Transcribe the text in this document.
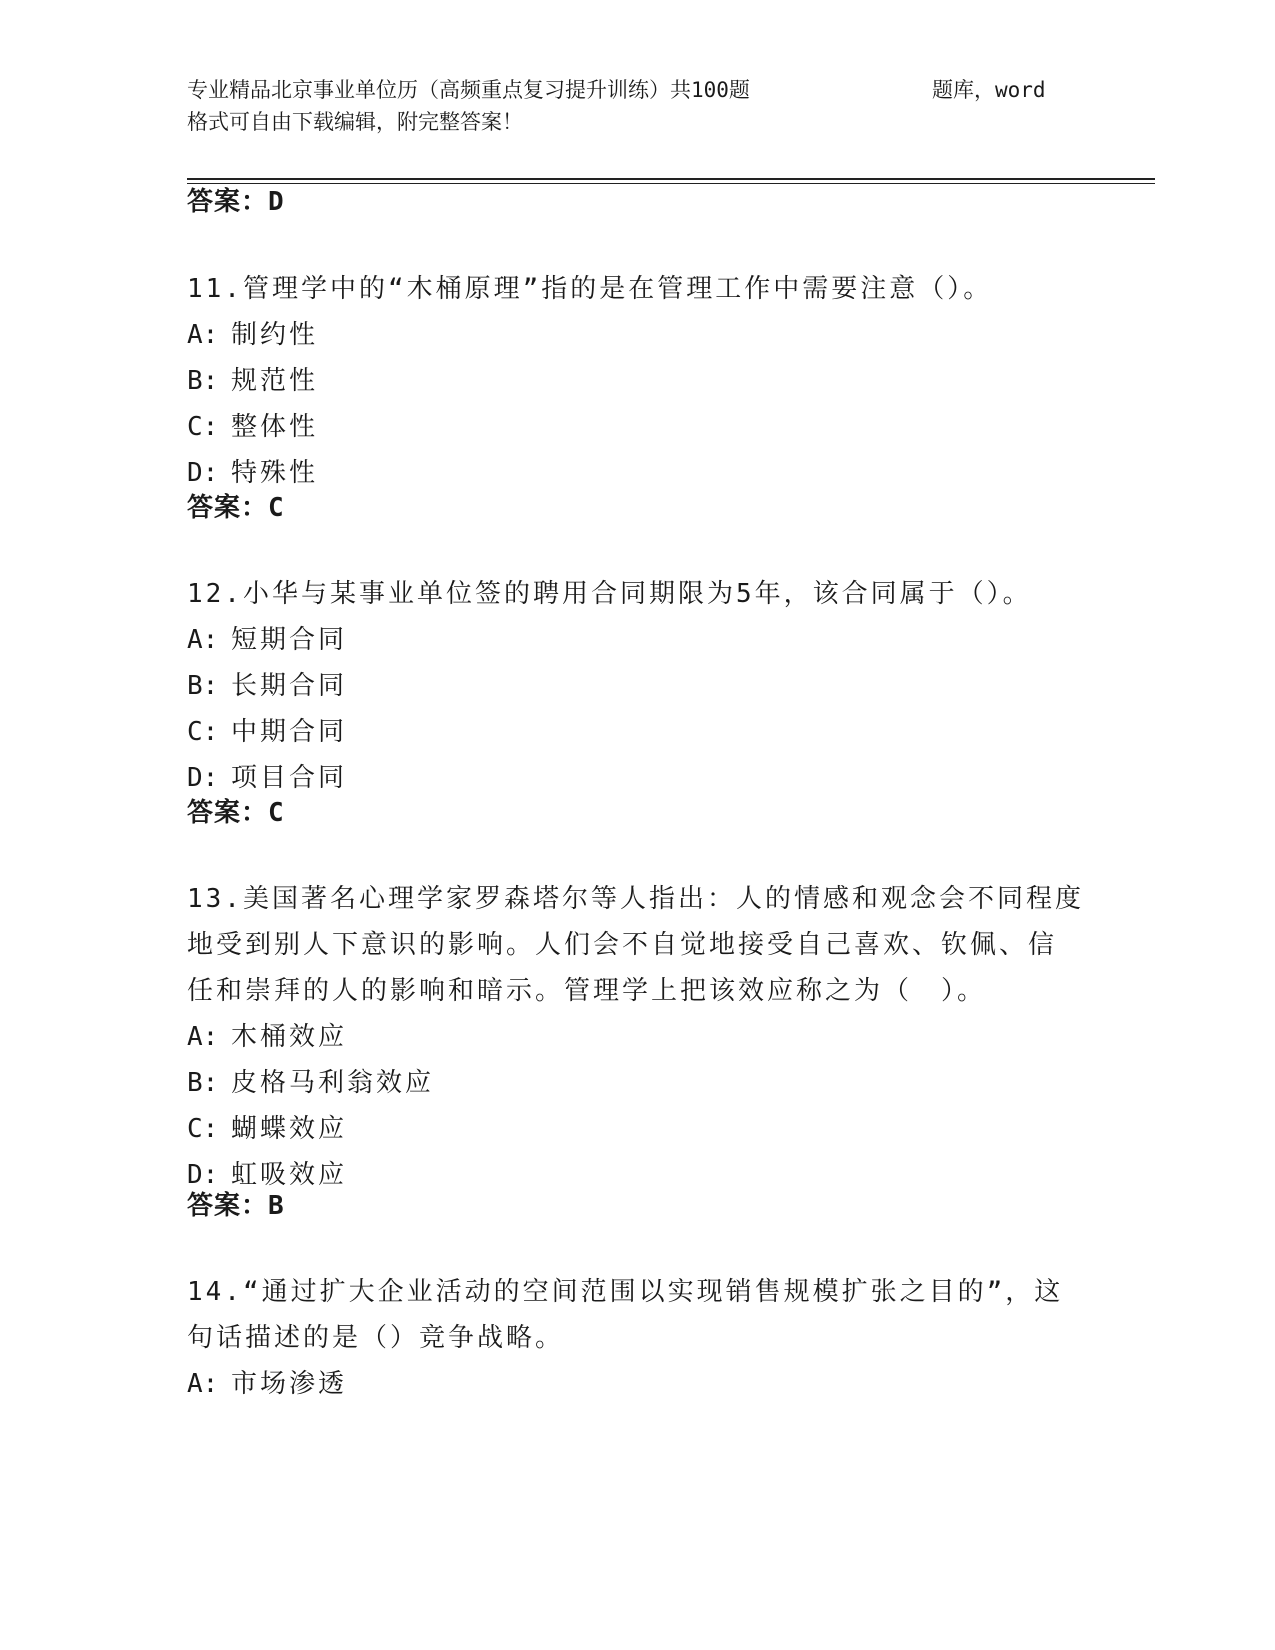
专业精品北京事业单位历（高频重点复习提升训练）共100题	题库，word
格式可自由下载编辑，附完整答案！
答案：D
11.管理学中的“木桶原理”指的是在管理工作中需要注意（）。
A: 制约性
B: 规范性
C: 整体性
D: 特殊性
答案：C
12.小华与某事业单位签的聘用合同期限为5年，该合同属于（）。
A: 短期合同
B: 长期合同
C: 中期合同
D: 项目合同
答案：C
13.美国著名心理学家罗森塔尔等人指出：人的情感和观念会不同程度
地受到别人下意识的影响。人们会不自觉地接受自己喜欢、钦佩、信
任和崇拜的人的影响和暗示。管理学上把该效应称之为（　）。
A: 木桶效应
B: 皮格马利翁效应
C: 蝴蝶效应
D: 虹吸效应
答案：B
14.“通过扩大企业活动的空间范围以实现销售规模扩张之目的”，这
句话描述的是（）竞争战略。
A: 市场渗透
